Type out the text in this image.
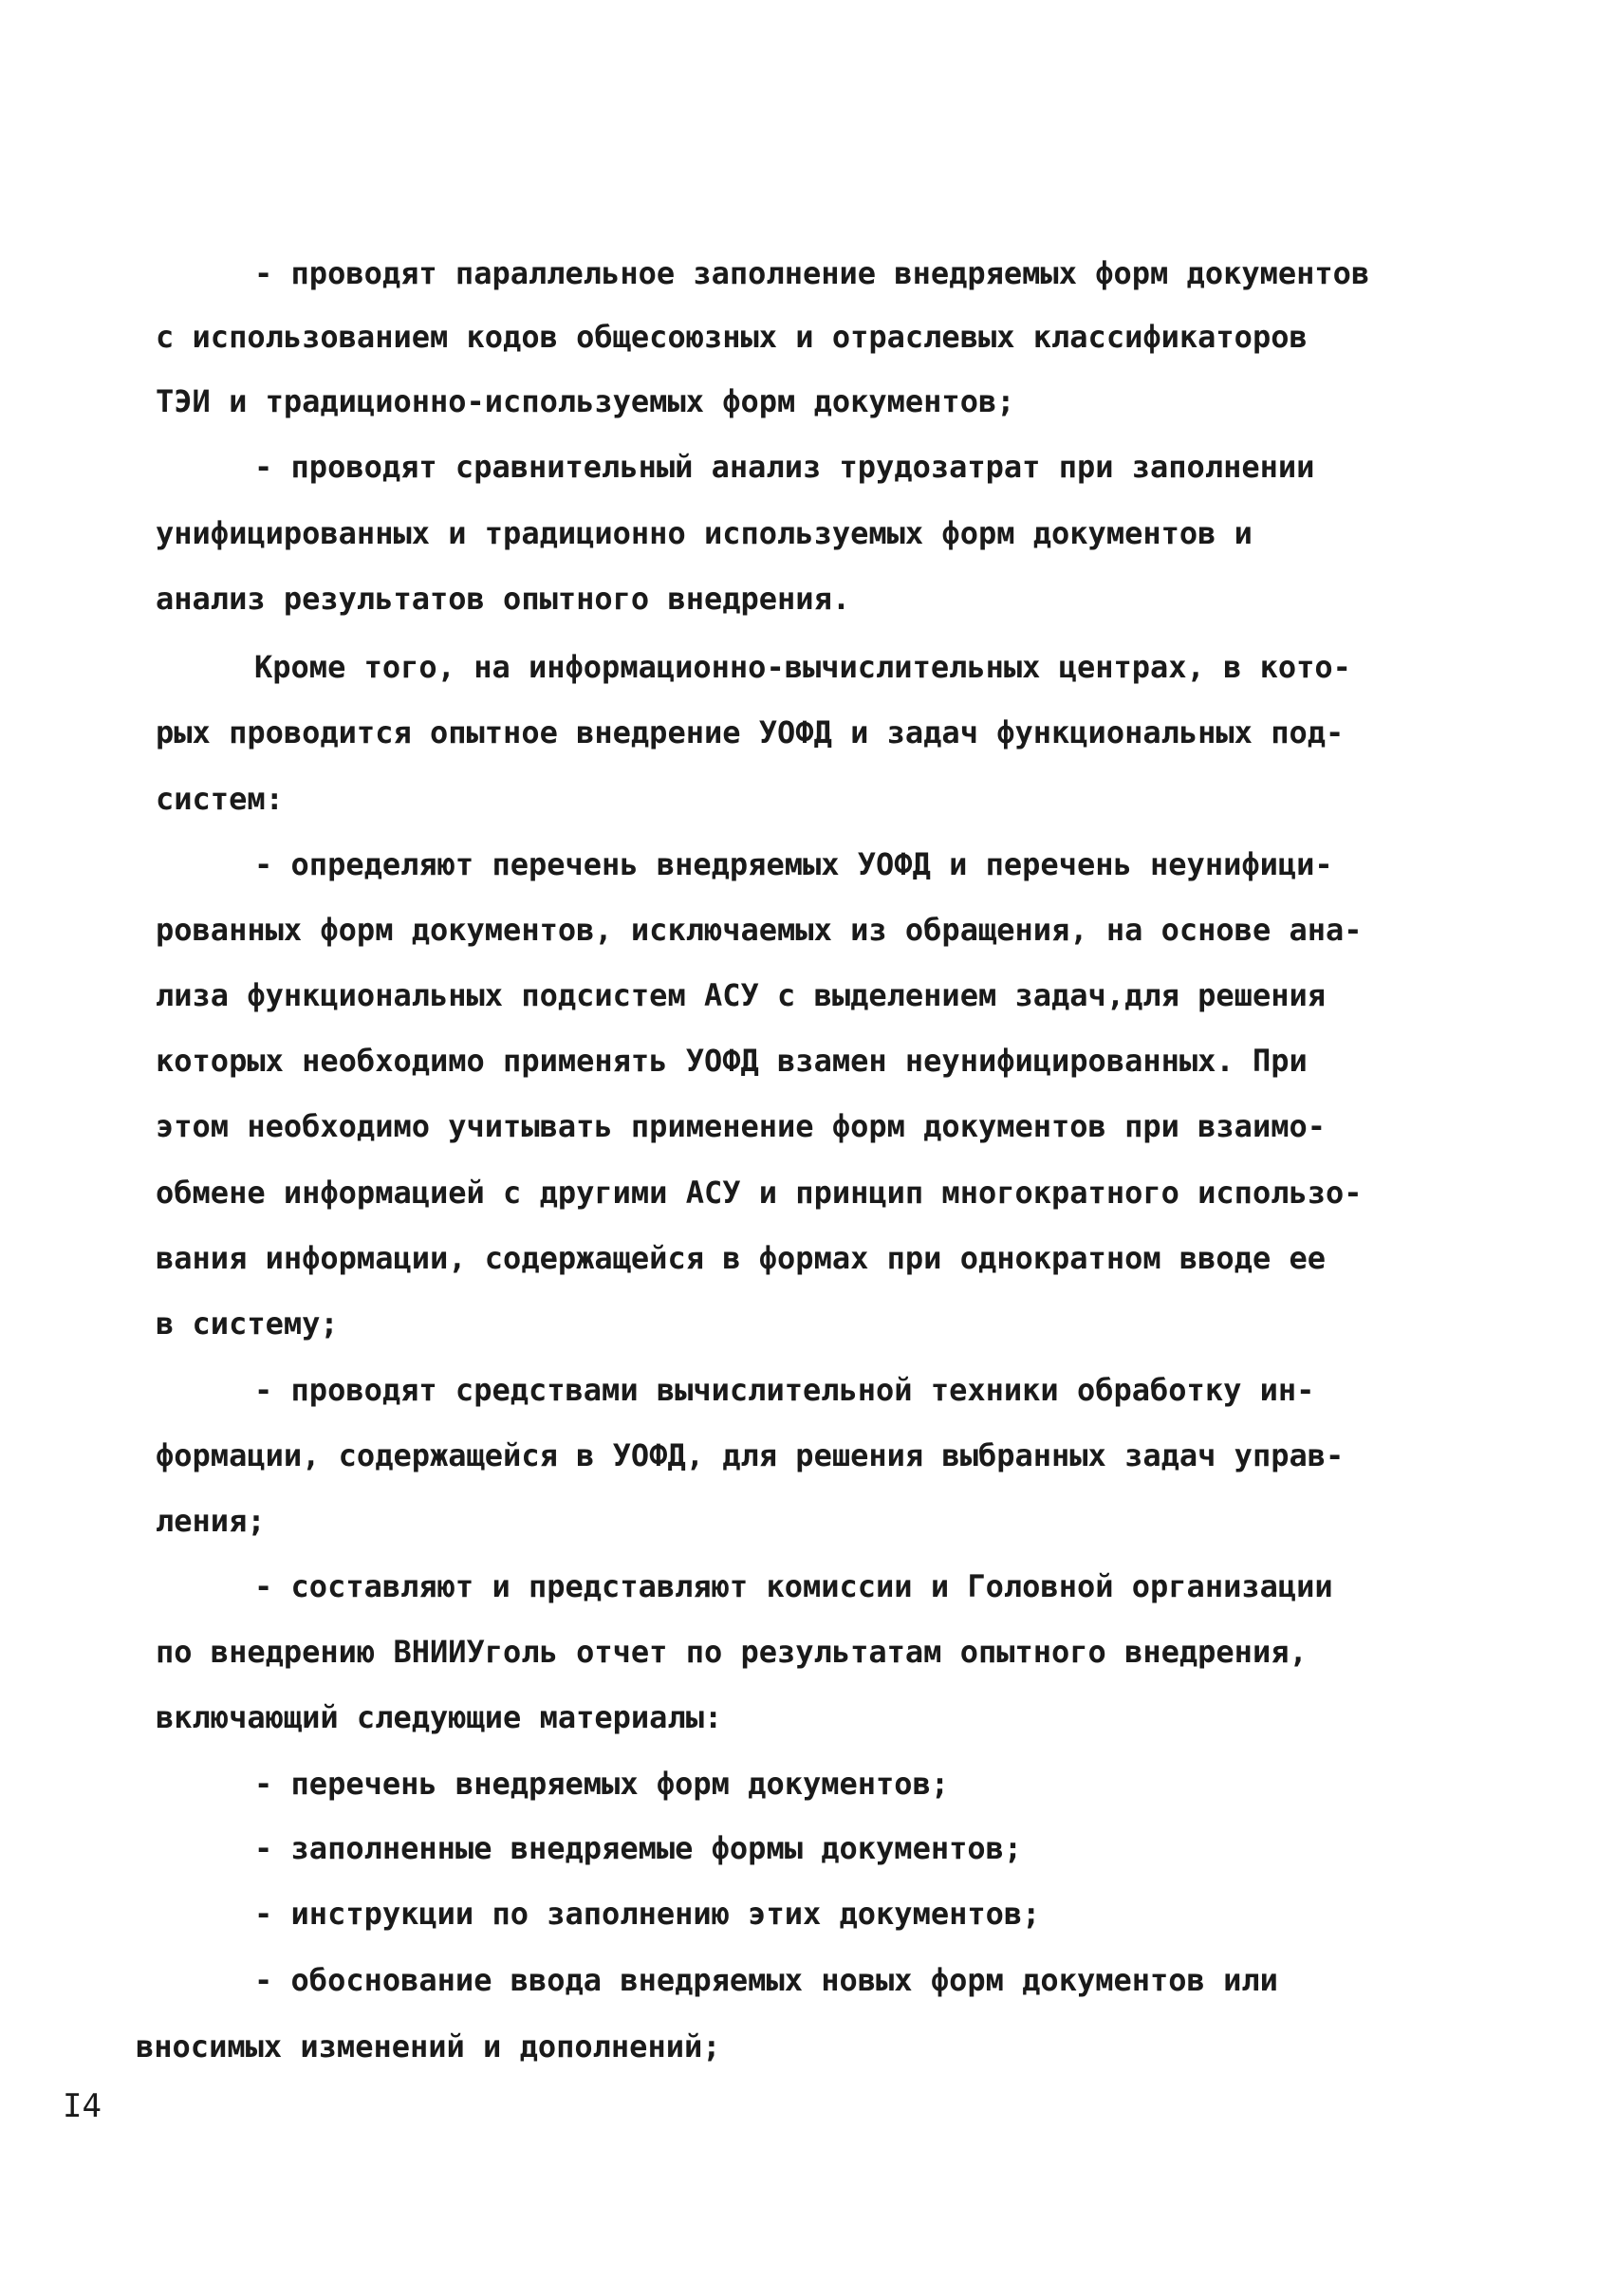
- проводят параллельное заполнение внедряемых форм документов
с использованием кодов общесоюзных и отраслевых классификаторов
ТЭИ и традиционно-используемых форм документов;
- проводят сравнительный анализ трудозатрат при заполнении
унифицированных и традиционно используемых форм документов и
анализ результатов опытного внедрения.
Кроме того, на информационно-вычислительных центрах, в кото-
рых проводится опытное внедрение УОФД и задач функциональных под-
систем:
- определяют перечень внедряемых УОФД и перечень неунифици-
рованных форм документов, исключаемых из обращения, на основе ана-
лиза функциональных подсистем АСУ с выделением задач,для решения
которых необходимо применять УОФД взамен неунифицированных. При
этом необходимо учитывать применение форм документов при взаимо-
обмене информацией с другими АСУ и принцип многократного использо-
вания информации, содержащейся в формах при однократном вводе ее
в систему;
- проводят средствами вычислительной техники обработку ин-
формации, содержащейся в УОФД, для решения выбранных задач управ-
ления;
- составляют и представляют комиссии и Головной организации
по внедрению ВНИИУголь отчет по результатам опытного внедрения,
включающий следующие материалы:
- перечень внедряемых форм документов;
- заполненные внедряемые формы документов;
- инструкции по заполнению этих документов;
- обоснование ввода внедряемых новых форм документов или
вносимых изменений и дополнений;
I4
